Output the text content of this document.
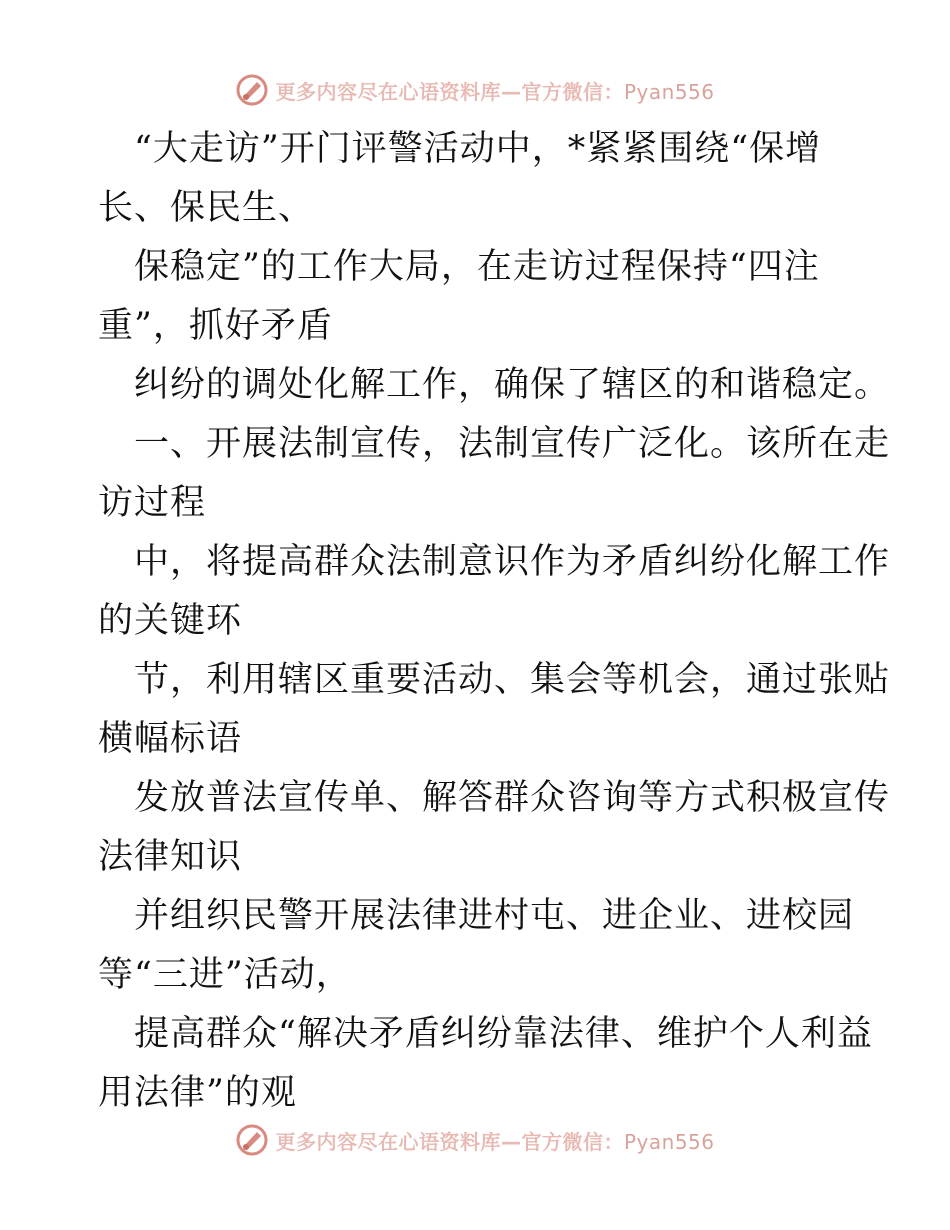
更多内容尽在心语资料库—官方微信：Pyan556
“大走访”开门评警活动中，*紧紧围绕“保增
长、保民生、
保稳定”的工作大局，在走访过程保持“四注
重”，抓好矛盾
纠纷的调处化解工作，确保了辖区的和谐稳定。
一、开展法制宣传，法制宣传广泛化。该所在走
访过程
中，将提高群众法制意识作为矛盾纠纷化解工作
的关键环
节，利用辖区重要活动、集会等机会，通过张贴
横幅标语
发放普法宣传单、解答群众咨询等方式积极宣传
法律知识
并组织民警开展法律进村屯、进企业、进校园
等“三进”活动，
提高群众“解决矛盾纠纷靠法律、维护个人利益
用法律”的观
更多内容尽在心语资料库—官方微信：Pyan556
